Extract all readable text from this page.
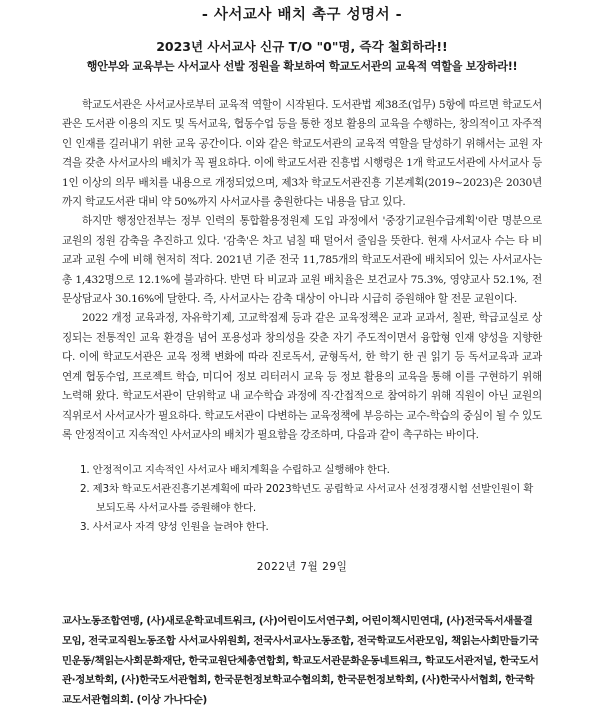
- 사서교사 배치 촉구 성명서 -

2023년 사서교사 신규 T/O "0"명, 즉각 철회하라!!

행안부와 교육부는 사서교사 선발 정원을 확보하여 학교도서관의 교육적 역할을 보장하라!!

학교도서관은 사서교사로부터 교육적 역할이 시작된다. 도서관법 제38조(업무) 5항에 따르면 학교도서관은 도서관 이용의 지도 및 독서교육, 협동수업 등을 통한 정보 활용의 교육을 수행하는, 창의적이고 자주적인 인재를 길러내기 위한 교육 공간이다. 이와 같은 학교도서관의 교육적 역할을 달성하기 위해서는 교원 자격을 갖춘 사서교사의 배치가 꼭 필요하다. 이에 학교도서관 진흥법 시행령은 1개 학교도서관에 사서교사 등 1인 이상의 의무 배치를 내용으로 개정되었으며, 제3차 학교도서관진흥 기본계획(2019~2023)은 2030년까지 학교도서관 대비 약 50%까지 사서교사를 충원한다는 내용을 담고 있다.

하지만 행정안전부는 정부 인력의 통합활용정원제 도입 과정에서 '중장기교원수급계획'이란 명분으로 교원의 정원 감축을 추진하고 있다. '감축'은 차고 넘칠 때 덜어서 줄임을 뜻한다. 현재 사서교사 수는 타 비교과 교원 수에 비해 현저히 적다. 2021년 기준 전국 11,785개의 학교도서관에 배치되어 있는 사서교사는 총 1,432명으로 12.1%에 불과하다. 반면 타 비교과 교원 배치율은 보건교사 75.3%, 영양교사 52.1%, 전문상담교사 30.16%에 달한다. 즉, 사서교사는 감축 대상이 아니라 시급히 증원해야 할 전문 교원이다.

2022 개정 교육과정, 자유학기제, 고교학점제 등과 같은 교육정책은 교과 교과서, 칠판, 학급교실로 상징되는 전통적인 교육 환경을 넘어 포용성과 창의성을 갖춘 자기 주도적이면서 융합형 인재 양성을 지향한다. 이에 학교도서관은 교육 정책 변화에 따라 진로독서, 균형독서, 한 학기 한 권 읽기 등 독서교육과 교과 연계 협동수업, 프로젝트 학습, 미디어 정보 리터러시 교육 등 정보 활용의 교육을 통해 이를 구현하기 위해 노력해 왔다. 학교도서관이 단위학교 내 교수학습 과정에 직·간접적으로 참여하기 위해 직원이 아닌 교원의 직위로서 사서교사가 필요하다. 학교도서관이 다변하는 교육정책에 부응하는 교수-학습의 중심이 될 수 있도록 안정적이고 지속적인 사서교사의 배치가 필요함을 강조하며, 다음과 같이 촉구하는 바이다.

1. 안정적이고 지속적인 사서교사 배치계획을 수립하고 실행해야 한다.
2. 제3차 학교도서관진흥기본계획에 따라 2023학년도 공립학교 사서교사 선정경쟁시험 선발인원이 확보되도록 사서교사를 증원해야 한다.
3. 사서교사 자격 양성 인원을 늘려야 한다.
2022년 7월 29일

교사노동조합연맹, (사)새로운학교네트워크, (사)어린이도서연구회, 어린이책시민연대, (사)전국독서새물결모임, 전국교직원노동조합 사서교사위원회, 전국사서교사노동조합, 전국학교도서관모임, 책읽는사회만들기국민운동/책읽는사회문화재단, 한국교원단체총연합회, 학교도서관문화운동네트워크, 학교도서관저널, 한국도서관·정보학회, (사)한국도서관협회, 한국문헌정보학교수협의회, 한국문헌정보학회, (사)한국사서협회, 한국학교도서관협의회. (이상 가나다순)
